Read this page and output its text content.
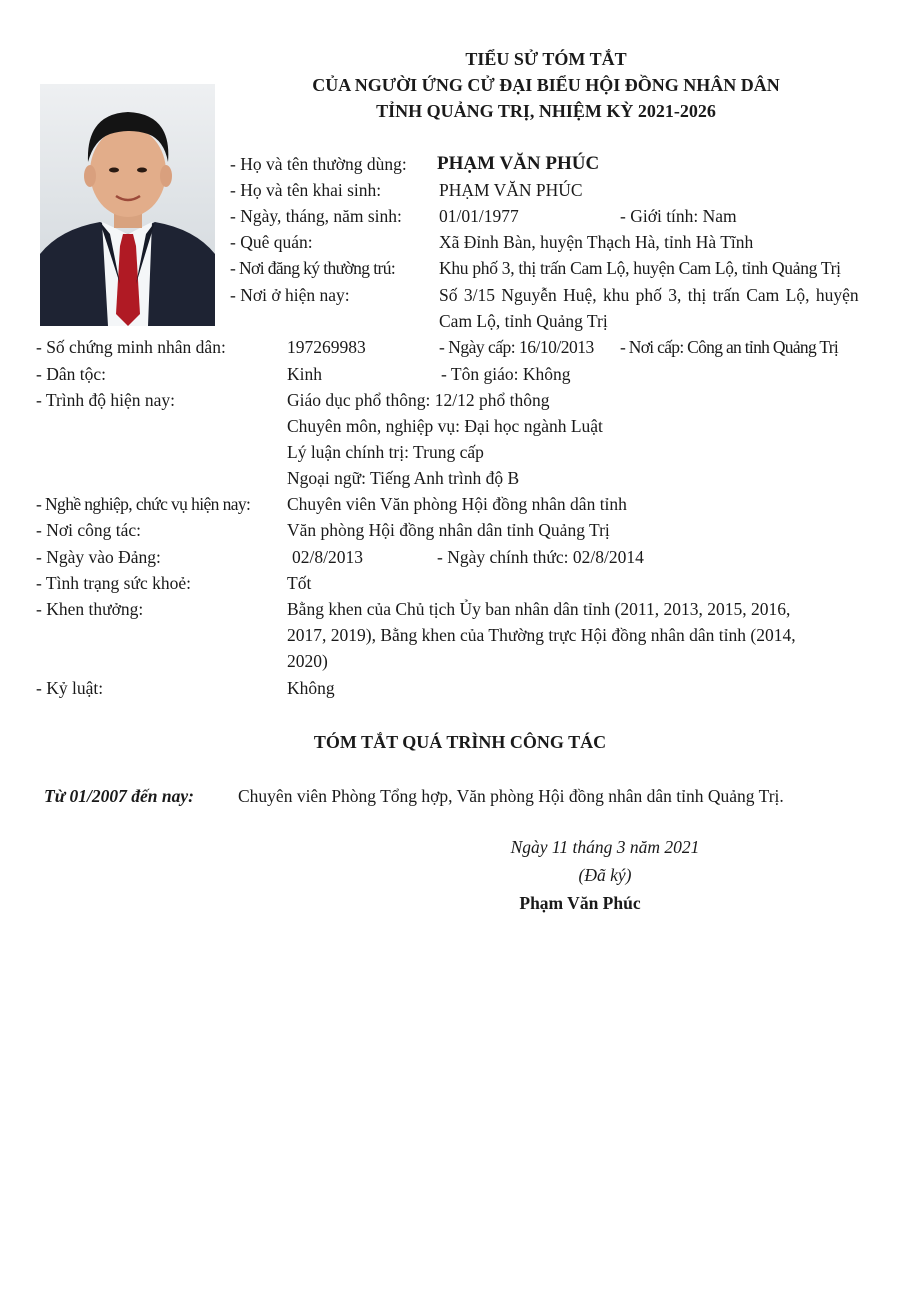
TIỂU SỬ TÓM TẮT
CỦA NGƯỜI ỨNG CỬ ĐẠI BIỂU HỘI ĐỒNG NHÂN DÂN
TỈNH QUẢNG TRỊ, NHIỆM KỲ 2021-2026
- Họ và tên thường dùng: PHẠM VĂN PHÚC
- Họ và tên khai sinh:	PHẠM VĂN PHÚC
- Ngày, tháng, năm sinh: 01/01/1977	- Giới tính: Nam
- Quê quán:	Xã Đỉnh Bàn, huyện Thạch Hà, tỉnh Hà Tĩnh
- Nơi đăng ký thường trú:	Khu phố 3, thị trấn Cam Lộ, huyện Cam Lộ, tỉnh Quảng Trị
- Nơi ở hiện nay:	Số 3/15 Nguyễn Huệ, khu phố 3, thị trấn Cam Lộ, huyện
Cam Lộ, tỉnh Quảng Trị
- Số chứng minh nhân dân:	197269983	- Ngày cấp: 16/10/2013 - Nơi cấp: Công an tỉnh Quảng Trị
- Dân tộc:	Kinh	- Tôn giáo: Không
- Trình độ hiện nay:	Giáo dục phổ thông: 12/12 phổ thông
Chuyên môn, nghiệp vụ: Đại học ngành Luật
Lý luận chính trị: Trung cấp
Ngoại ngữ: Tiếng Anh trình độ B
- Nghề nghiệp, chức vụ hiện nay: Chuyên viên Văn phòng Hội đồng nhân dân tỉnh
- Nơi công tác:	Văn phòng Hội đồng nhân dân tỉnh Quảng Trị
- Ngày vào Đảng:	02/8/2013	- Ngày chính thức: 02/8/2014
- Tình trạng sức khoẻ:	Tốt
- Khen thưởng:	Bằng khen của Chủ tịch Ủy ban nhân dân tỉnh (2011, 2013, 2015, 2016,
2017, 2019), Bằng khen của Thường trực Hội đồng nhân dân tỉnh (2014,
2020)
- Kỷ luật:	Không
TÓM TẮT QUÁ TRÌNH CÔNG TÁC
Từ 01/2007 đến nay:	Chuyên viên Phòng Tổng hợp, Văn phòng Hội đồng nhân dân tỉnh Quảng Trị.
Ngày 11 tháng 3 năm 2021
(Đã ký)
Phạm Văn Phúc
